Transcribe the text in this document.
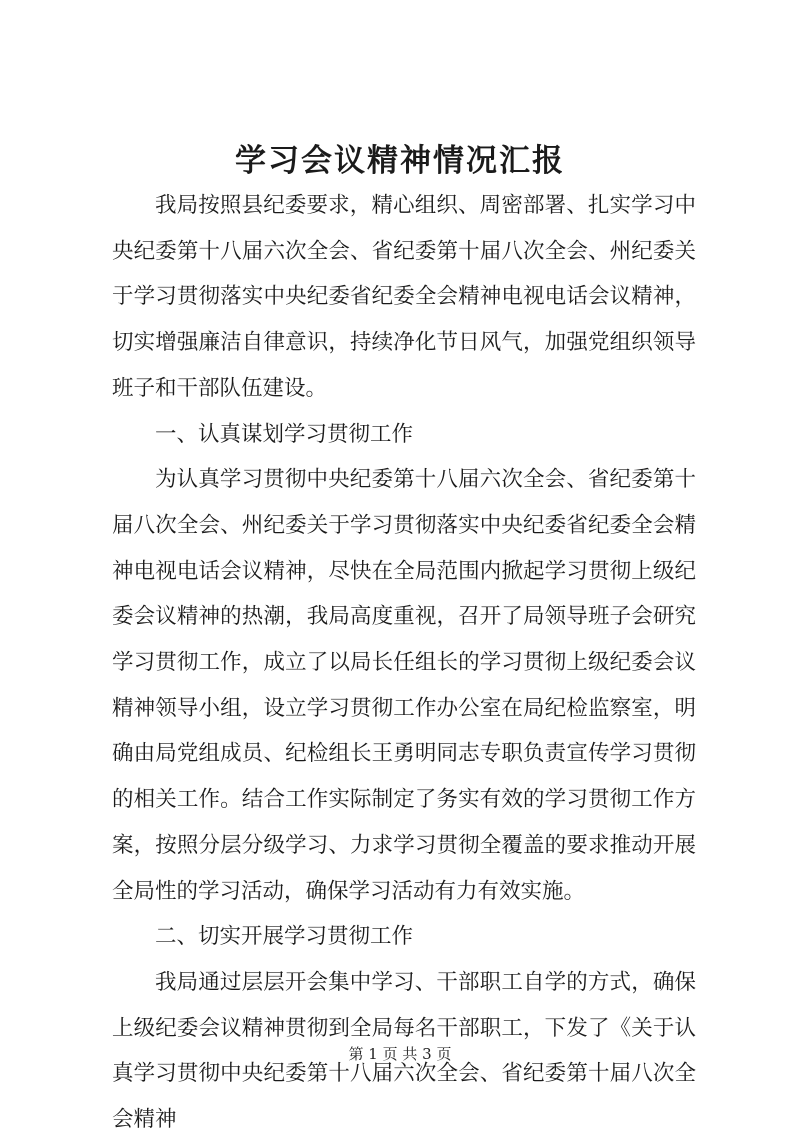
学习会议精神情况汇报

我局按照县纪委要求，精心组织、周密部署、扎实学习中央纪委第十八届六次全会、省纪委第十届八次全会、州纪委关于学习贯彻落实中央纪委省纪委全会精神电视电话会议精神，切实增强廉洁自律意识，持续净化节日风气，加强党组织领导班子和干部队伍建设。

一、认真谋划学习贯彻工作

为认真学习贯彻中央纪委第十八届六次全会、省纪委第十届八次全会、州纪委关于学习贯彻落实中央纪委省纪委全会精神电视电话会议精神，尽快在全局范围内掀起学习贯彻上级纪委会议精神的热潮，我局高度重视，召开了局领导班子会研究学习贯彻工作，成立了以局长任组长的学习贯彻上级纪委会议精神领导小组，设立学习贯彻工作办公室在局纪检监察室，明确由局党组成员、纪检组长王勇明同志专职负责宣传学习贯彻的相关工作。结合工作实际制定了务实有效的学习贯彻工作方案，按照分层分级学习、力求学习贯彻全覆盖的要求推动开展全局性的学习活动，确保学习活动有力有效实施。

二、切实开展学习贯彻工作

我局通过层层开会集中学习、干部职工自学的方式，确保上级纪委会议精神贯彻到全局每名干部职工，下发了《关于认真学习贯彻中央纪委第十八届六次全会、省纪委第十届八次全会精神

第 1 页 共 3 页
